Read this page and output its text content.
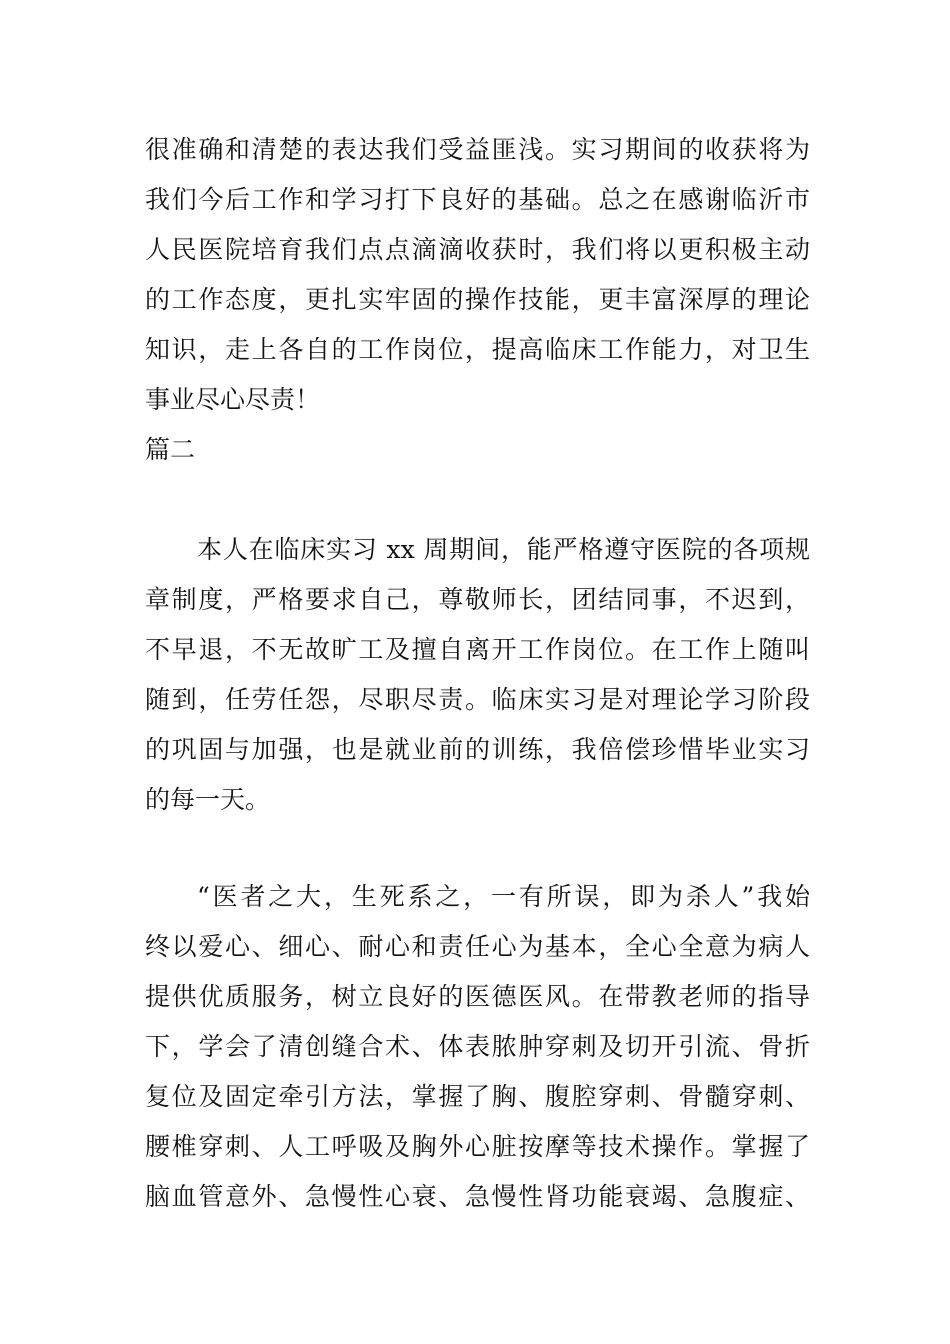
很准确和清楚的表达我们受益匪浅。实习期间的收获将为
我们今后工作和学习打下良好的基础。总之在感谢临沂市
人民医院培育我们点点滴滴收获时，我们将以更积极主动
的工作态度，更扎实牢固的操作技能，更丰富深厚的理论
知识，走上各自的工作岗位，提高临床工作能力，对卫生
事业尽心尽责！
篇二
本人在临床实习 xx 周期间，能严格遵守医院的各项规
章制度，严格要求自己，尊敬师长，团结同事，不迟到，
不早退，不无故旷工及擅自离开工作岗位。在工作上随叫
随到，任劳任怨，尽职尽责。临床实习是对理论学习阶段
的巩固与加强，也是就业前的训练，我倍偿珍惜毕业实习
的每一天。
“医者之大，生死系之，一有所误，即为杀人”我始
终以爱心、细心、耐心和责任心为基本，全心全意为病人
提供优质服务，树立良好的医德医风。在带教老师的指导
下，学会了清创缝合术、体表脓肿穿刺及切开引流、骨折
复位及固定牵引方法，掌握了胸、腹腔穿刺、骨髓穿刺、
腰椎穿刺、人工呼吸及胸外心脏按摩等技术操作。掌握了
脑血管意外、急慢性心衰、急慢性肾功能衰竭、急腹症、
